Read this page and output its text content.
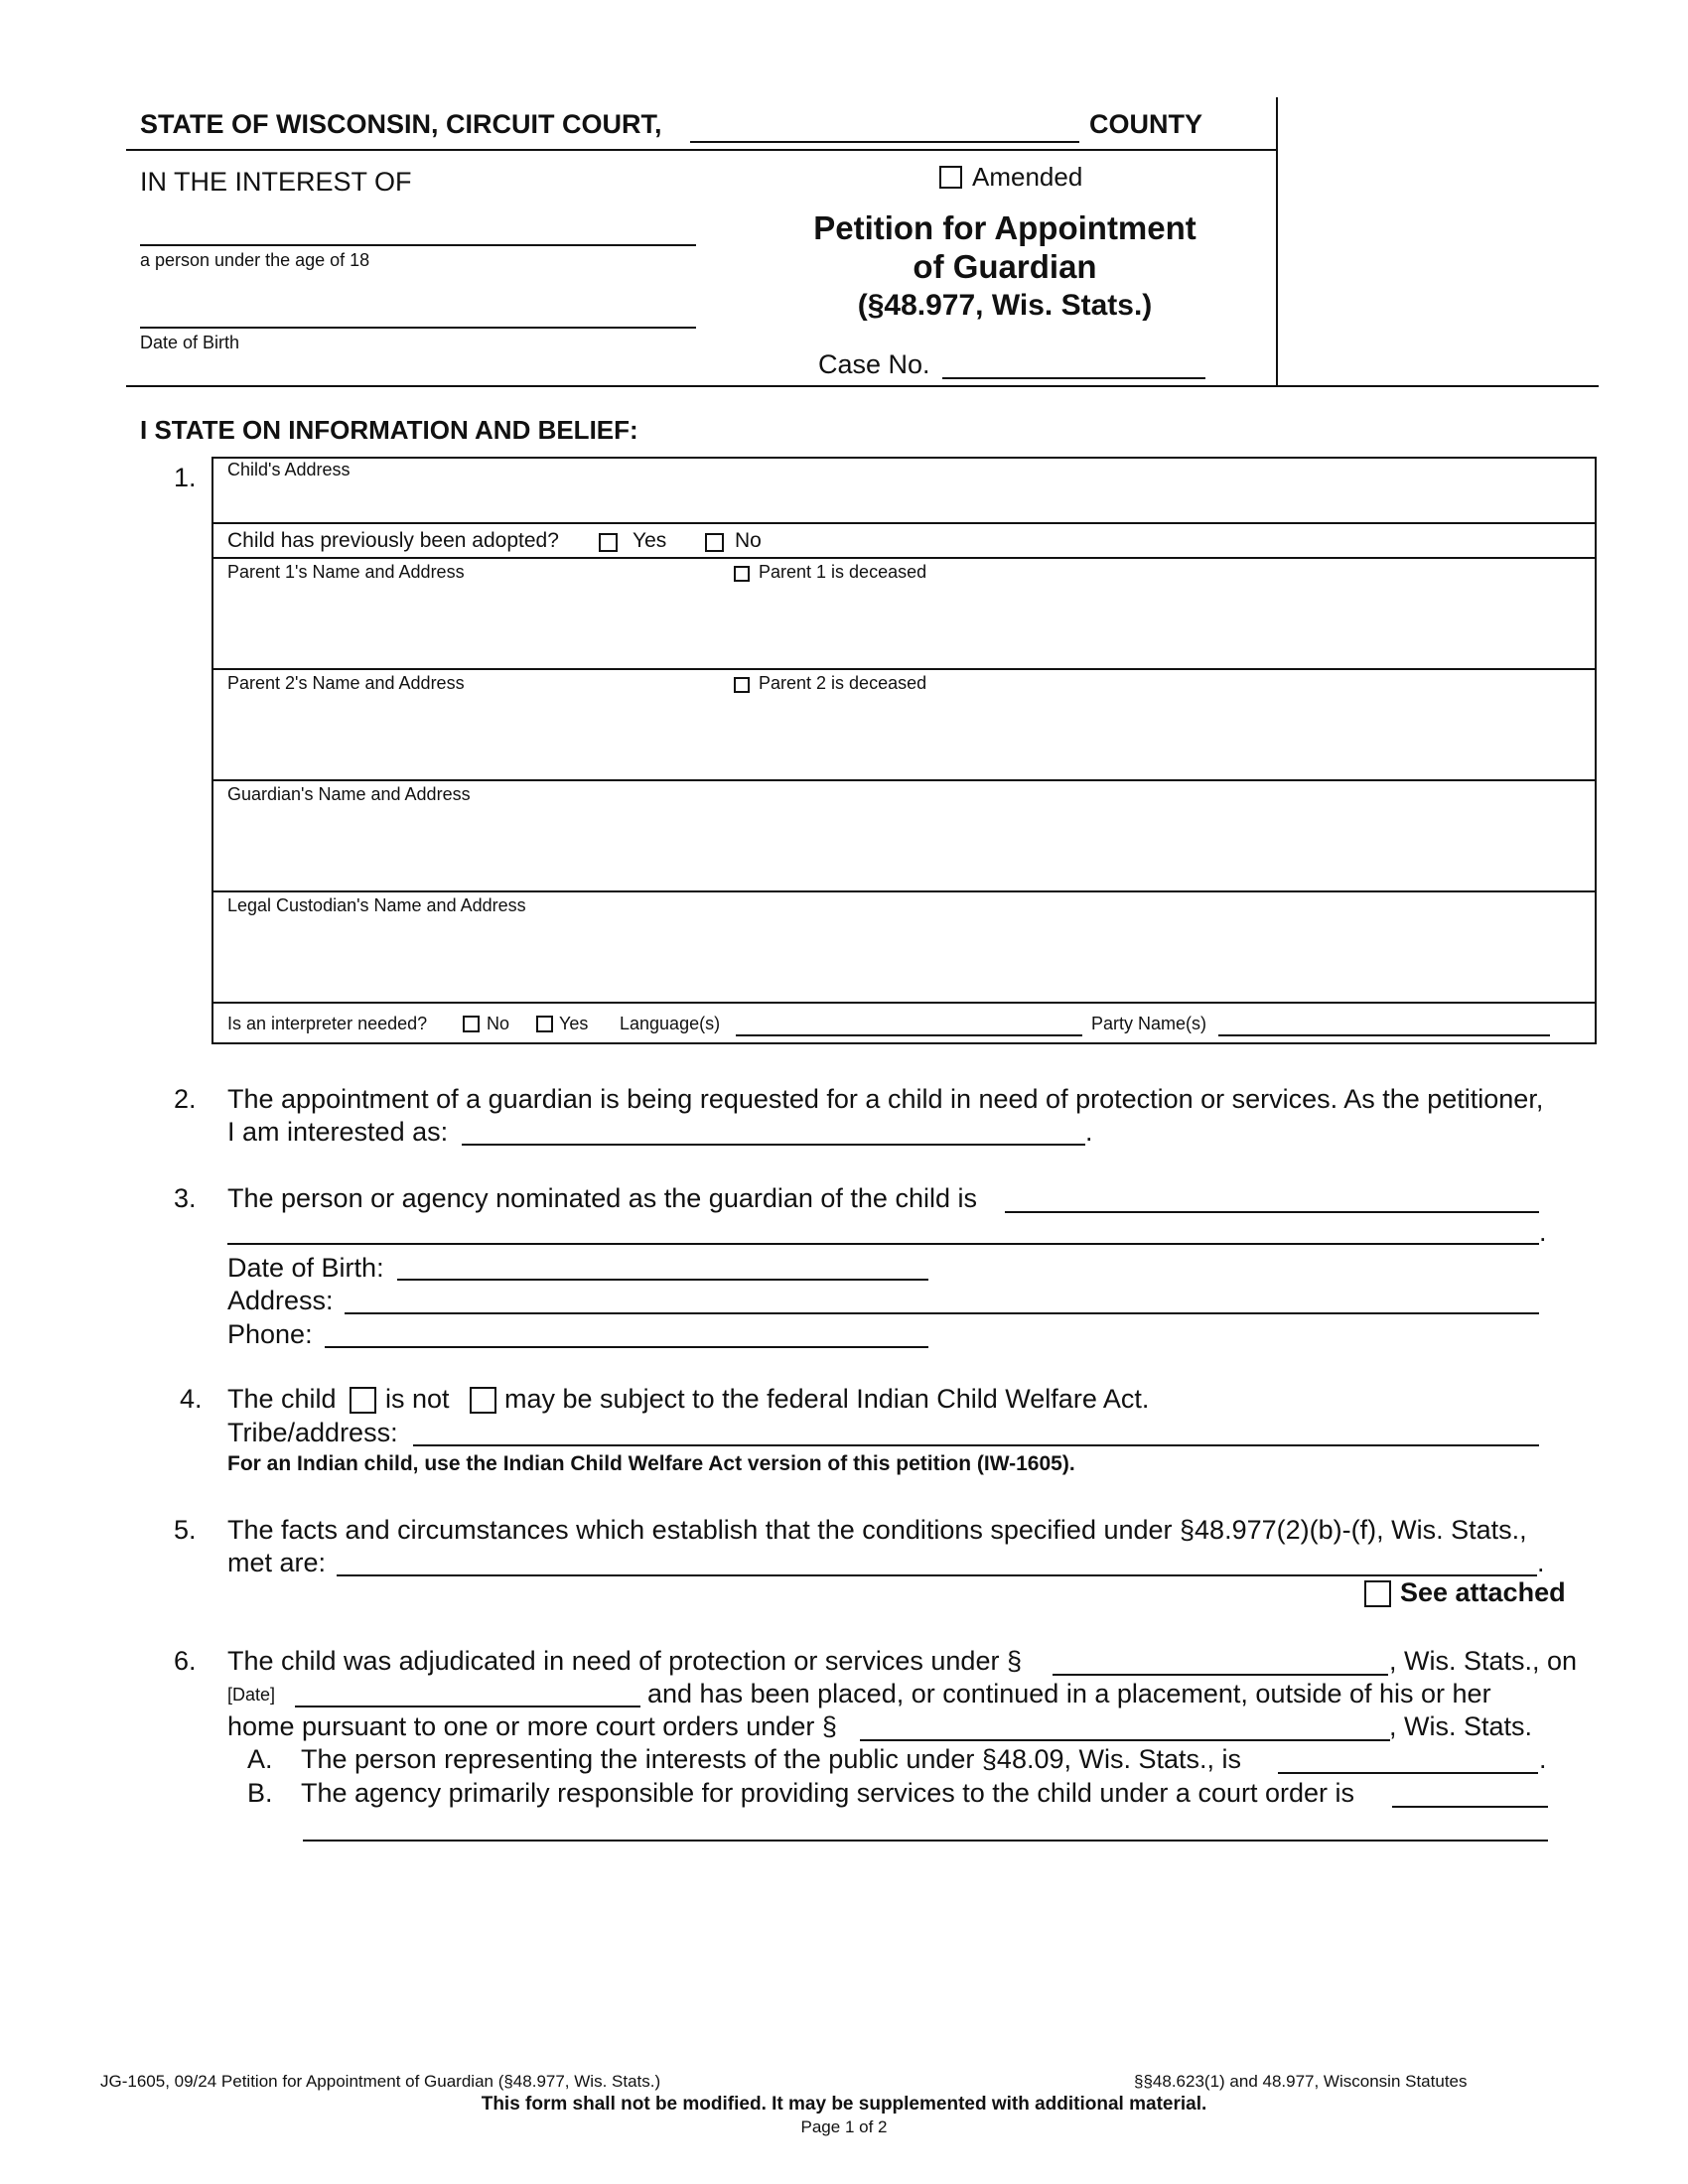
STATE OF WISCONSIN, CIRCUIT COURT,	COUNTY
IN THE INTEREST OF
a person under the age of 18
Date of Birth
Amended
Petition for Appointment
of Guardian
(§48.977, Wis. Stats.)
Case No.
I STATE ON INFORMATION AND BELIEF:
1. Child's Address
Child has previously been adopted?	Yes	No
Parent 1's Name and Address	Parent 1 is deceased
Parent 2's Name and Address	Parent 2 is deceased
Guardian's Name and Address
Legal Custodian's Name and Address
Is an interpreter needed?	No	Yes Language(s)	Party Name(s)
2. The appointment of a guardian is being requested for a child in need of protection or services. As the petitioner,
I am interested as:	.
3. The person or agency nominated as the guardian of the child is
.
Date of Birth:
Address:
Phone:
4. The child is not may be subject to the federal Indian Child Welfare Act.
Tribe/address:
For an Indian child, use the Indian Child Welfare Act version of this petition (IW-1605).
5. The facts and circumstances which establish that the conditions specified under §48.977(2)(b)-(f), Wis. Stats.,
met are:	.
See attached
6. The child was adjudicated in need of protection or services under §	, Wis. Stats., on
[Date]	and has been placed, or continued in a placement, outside of his or her
home pursuant to one or more court orders under §	, Wis. Stats.
A. The person representing the interests of the public under §48.09, Wis. Stats., is	.
B. The agency primarily responsible for providing services to the child under a court order is
JG-1605, 09/24 Petition for Appointment of Guardian (§48.977, Wis. Stats.)	§§48.623(1) and 48.977, Wisconsin Statutes
This form shall not be modified. It may be supplemented with additional material.
Page 1 of 2
